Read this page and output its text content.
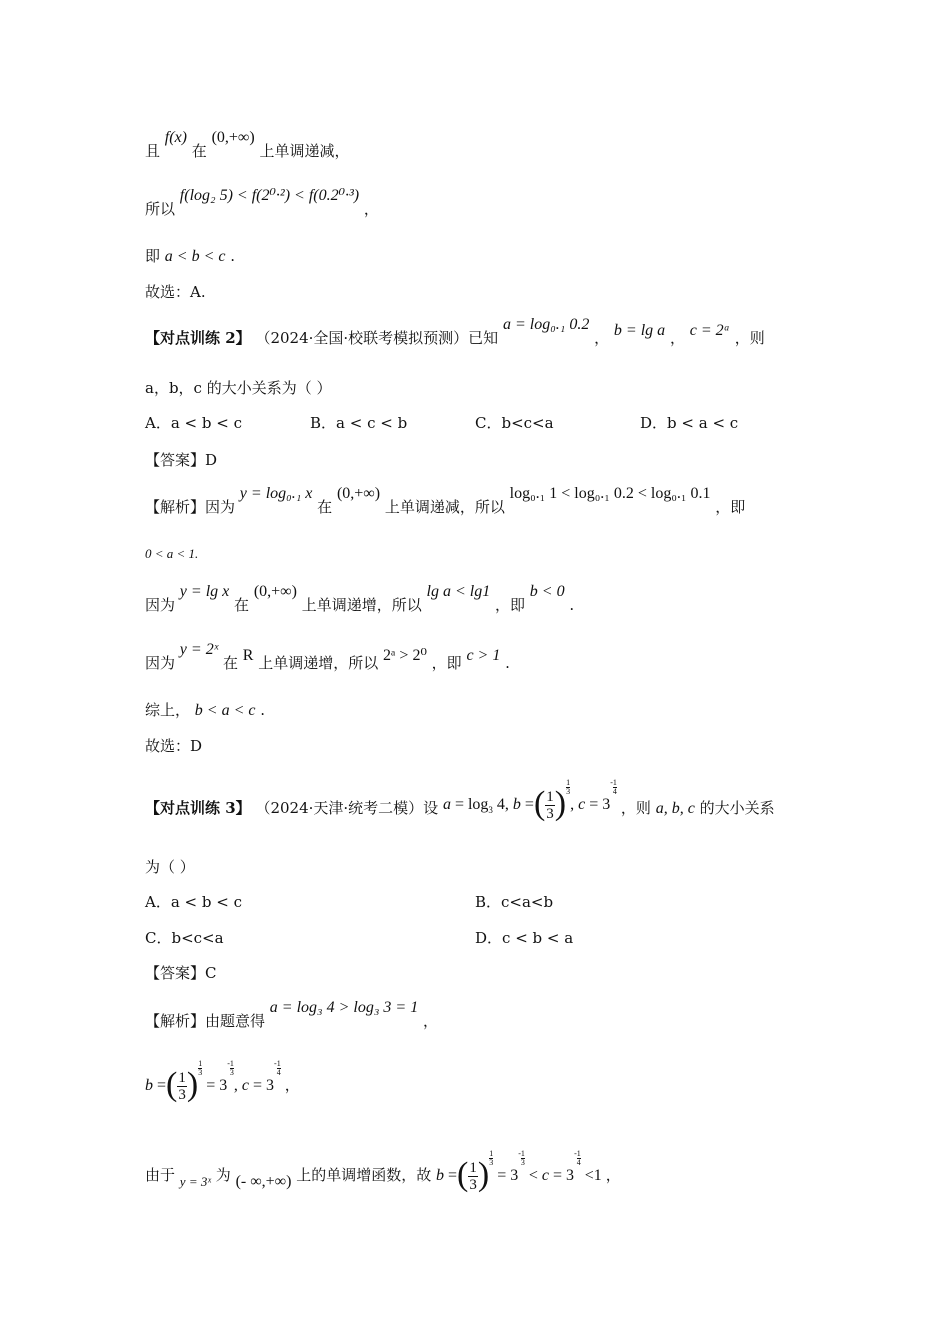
且 f(x) 在 (0,+∞) 上单调递减，
所以 f(log₂ 5) < f(2⁰·²) < f(0.2⁰·³) ，
即 a < b < c .
故选：A.
【对点训练 2】 （2024·全国·校联考模拟预测）已知 a = log₀.₁ 0.2 ， b = lg a ， c = 2ᵃ ，则
a，b，c 的大小关系为（ ）
A．a < b < c	B．a < c < b	C．b<c<a	D．b < a < c
【答案】D
【解析】因为 y = log₀.₁ x 在 (0,+∞) 上单调递减，所以 log₀.₁ 1 < log₀.₁ 0.2 < log₀.₁ 0.1 ，即
0 < a < 1.
因为 y = lg x 在 (0,+∞) 上单调递增，所以 lg a < lg1 ，即 b < 0 .
因为 y = 2ˣ 在 R 上单调递增，所以 2ᵃ > 2⁰ ，即 c > 1 .
综上， b < a < c .
故选：D
【对点训练 3】 （2024·天津·统考二模）设 $a = \log_3 4$, b =( $\frac{1}{3}$ ) $\frac{1}{3}$
, c = 3
- $\frac{1}{4}$
，则 a, b, c 的大小关系
为（ ）
A．a < b < c	B．c<a<b
C．b<c<a	D．c < b < a
【答案】C
【解析】由题意得 a = log₃ 4 > log₃ 3 = 1 ，
b =( $\frac{1}{3}$ ) $\frac{1}{3}$
= 3
- $\frac{1}{3}$
, c = 3
- $\frac{1}{4}$
，
由于 y = 3ˣ 为 (- ∞,+∞) 上的单调增函数，故 b =( $\frac{1}{3}$ ) $\frac{1}{3}$
= 3
- $\frac{1}{3}$
< c = 3
- $\frac{1}{4}$
<1 ，
